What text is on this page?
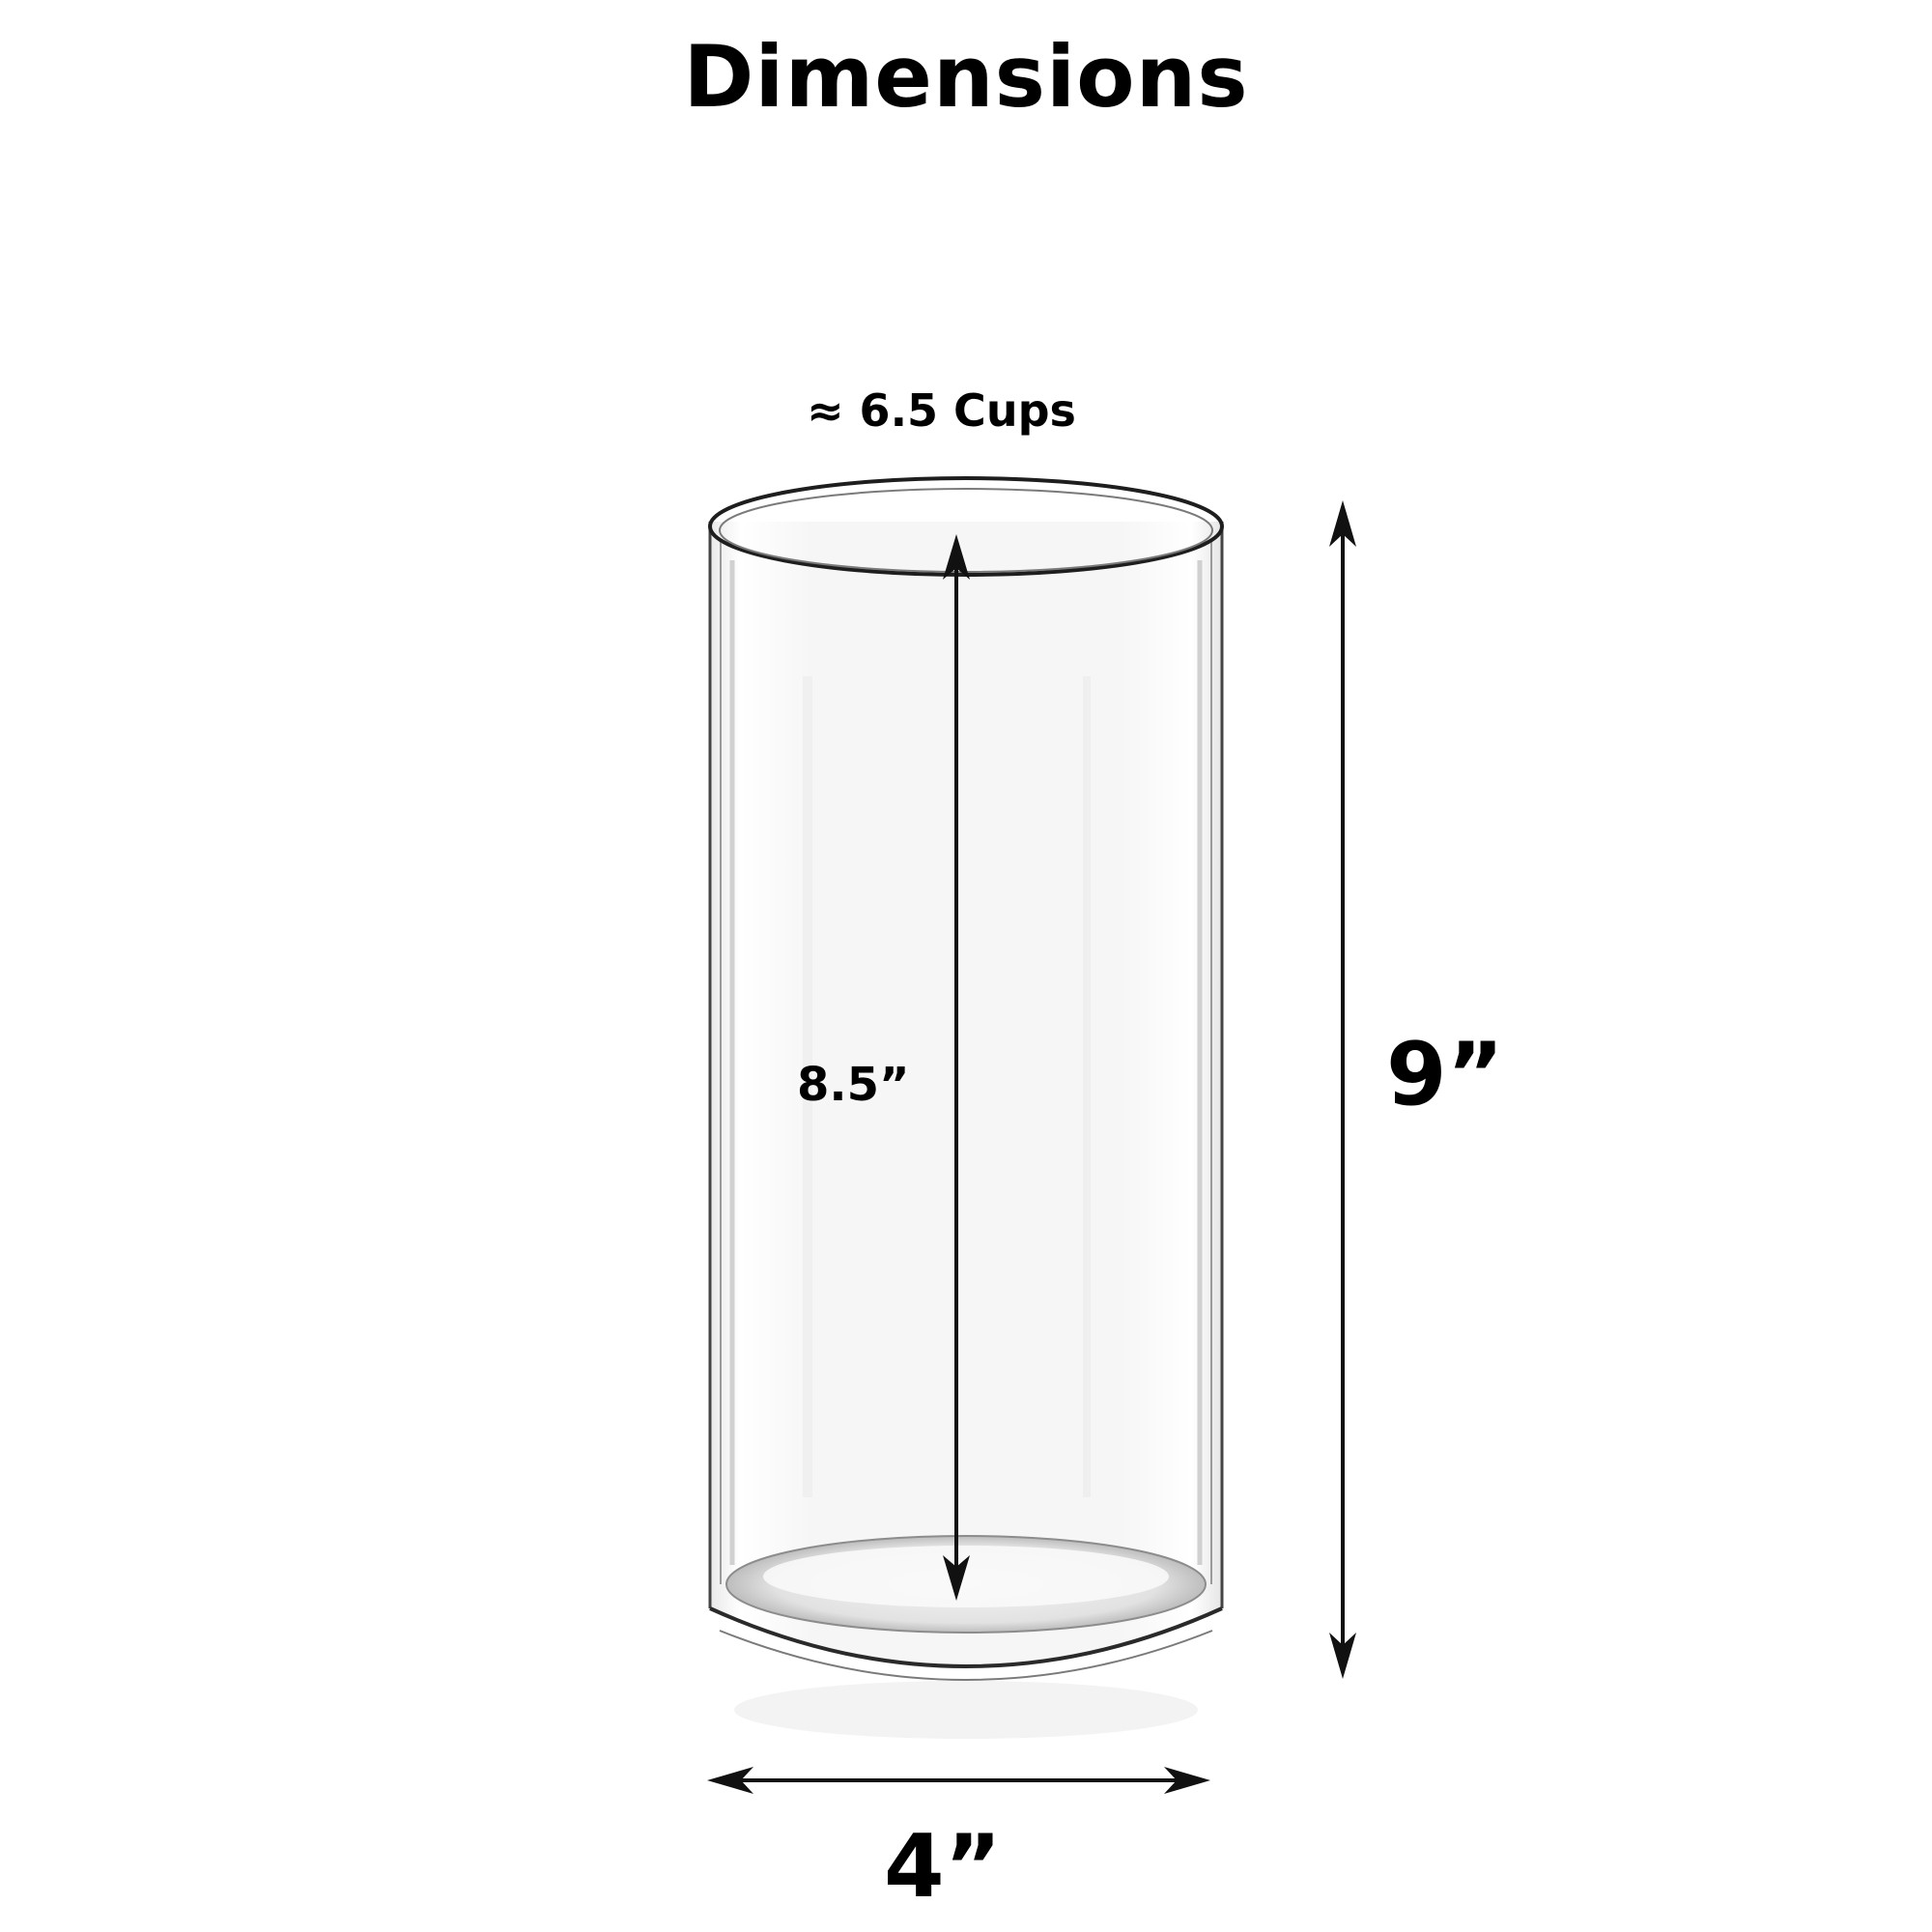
Dimensions
≈ 6.5 Cups
8.5”	9”
4”
